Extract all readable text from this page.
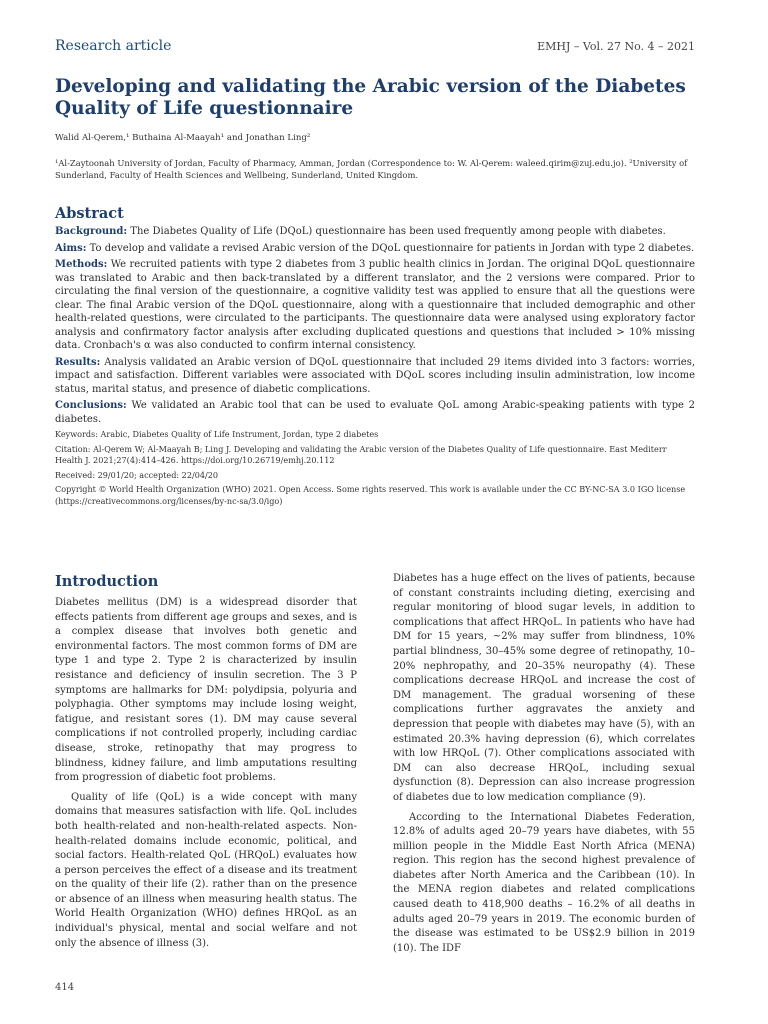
Research article	EMHJ – Vol. 27 No. 4 – 2021
Developing and validating the Arabic version of the Diabetes Quality of Life questionnaire
Walid Al-Qerem,¹ Buthaina Al-Maayah¹ and Jonathan Ling²
¹Al-Zaytoonah University of Jordan, Faculty of Pharmacy, Amman, Jordan (Correspondence to: W. Al-Qerem: waleed.qirim@zuj.edu.jo). ²University of Sunderland, Faculty of Health Sciences and Wellbeing, Sunderland, United Kingdom.
Abstract

Background: The Diabetes Quality of Life (DQoL) questionnaire has been used frequently among people with diabetes.

Aims: To develop and validate a revised Arabic version of the DQoL questionnaire for patients in Jordan with type 2 diabetes.

Methods: We recruited patients with type 2 diabetes from 3 public health clinics in Jordan. The original DQoL questionnaire was translated to Arabic and then back-translated by a different translator, and the 2 versions were compared. Prior to circulating the final version of the questionnaire, a cognitive validity test was applied to ensure that all the questions were clear. The final Arabic version of the DQoL questionnaire, along with a questionnaire that included demographic and other health-related questions, were circulated to the participants. The questionnaire data were analysed using exploratory factor analysis and confirmatory factor analysis after excluding duplicated questions and questions that included > 10% missing data. Cronbach's α was also conducted to confirm internal consistency.

Results: Analysis validated an Arabic version of DQoL questionnaire that included 29 items divided into 3 factors: worries, impact and satisfaction. Different variables were associated with DQoL scores including insulin administration, low income status, marital status, and presence of diabetic complications.

Conclusions: We validated an Arabic tool that can be used to evaluate QoL among Arabic-speaking patients with type 2 diabetes.

Keywords: Arabic, Diabetes Quality of Life Instrument, Jordan, type 2 diabetes

Citation: Al-Qerem W; Al-Maayah B; Ling J. Developing and validating the Arabic version of the Diabetes Quality of Life questionnaire. East Mediterr Health J. 2021;27(4):414–426. https://doi.org/10.26719/emhj.20.112

Received: 29/01/20; accepted: 22/04/20

Copyright © World Health Organization (WHO) 2021. Open Access. Some rights reserved. This work is available under the CC BY-NC-SA 3.0 IGO license (https://creativecommons.org/licenses/by-nc-sa/3.0/igo)

Introduction

Diabetes mellitus (DM) is a widespread disorder that effects patients from different age groups and sexes, and is a complex disease that involves both genetic and environmental factors. The most common forms of DM are type 1 and type 2. Type 2 is characterized by insulin resistance and deficiency of insulin secretion. The 3 P symptoms are hallmarks for DM: polydipsia, polyuria and polyphagia. Other symptoms may include losing weight, fatigue, and resistant sores (1). DM may cause several complications if not controlled properly, including cardiac disease, stroke, retinopathy that may progress to blindness, kidney failure, and limb amputations resulting from progression of diabetic foot problems.

Quality of life (QoL) is a wide concept with many domains that measures satisfaction with life. QoL includes both health-related and non-health-related aspects. Non-health-related domains include economic, political, and social factors. Health-related QoL (HRQoL) evaluates how a person perceives the effect of a disease and its treatment on the quality of their life (2). rather than on the presence or absence of an illness when measuring health status. The World Health Organization (WHO) defines HRQoL as an individual's physical, mental and social welfare and not only the absence of illness (3).

Diabetes has a huge effect on the lives of patients, because of constant constraints including dieting, exercising and regular monitoring of blood sugar levels, in addition to complications that affect HRQoL. In patients who have had DM for 15 years, ~2% may suffer from blindness, 10% partial blindness, 30–45% some degree of retinopathy, 10–20% nephropathy, and 20–35% neuropathy (4). These complications decrease HRQoL and increase the cost of DM management. The gradual worsening of these complications further aggravates the anxiety and depression that people with diabetes may have (5), with an estimated 20.3% having depression (6), which correlates with low HRQoL (7). Other complications associated with DM can also decrease HRQoL, including sexual dysfunction (8). Depression can also increase progression of diabetes due to low medication compliance (9).

According to the International Diabetes Federation, 12.8% of adults aged 20–79 years have diabetes, with 55 million people in the Middle East North Africa (MENA) region. This region has the second highest prevalence of diabetes after North America and the Caribbean (10). In the MENA region diabetes and related complications caused death to 418,900 deaths – 16.2% of all deaths in adults aged 20–79 years in 2019. The economic burden of the disease was estimated to be US$2.9 billion in 2019 (10). The IDF

414
